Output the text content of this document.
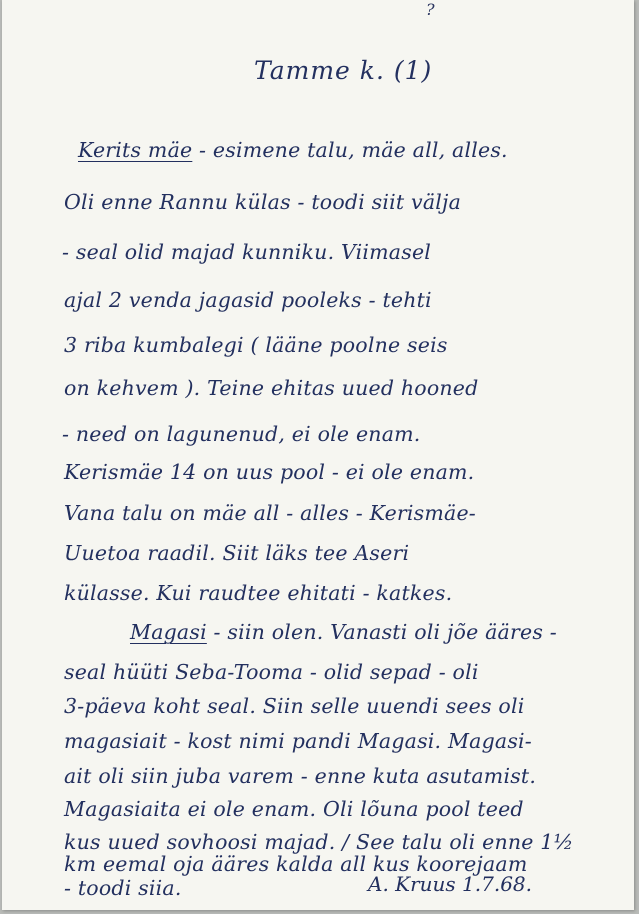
?
Tamme k. (1)
Kerits mäe - esimene talu, mäe all, alles.
Oli enne Rannu külas - toodi siit välja
- seal olid majad kunniku. Viimasel
ajal 2 venda jagasid pooleks - tehti
3 riba kumbalegi ( lääne poolne seis
on kehvem ). Teine ehitas uued hooned
- need on lagunenud, ei ole enam.
Kerismäe 14 on uus pool - ei ole enam.
Vana talu on mäe all - alles - Kerismäe-
Uuetoa raadil. Siit läks tee Aseri
külasse. Kui raudtee ehitati - katkes.
Magasi - siin olen. Vanasti oli jõe ääres -
seal hüüti Seba-Tooma - olid sepad - oli
3-päeva koht seal. Siin selle uuendi sees oli
magasiait - kost nimi pandi Magasi. Magasi-
ait oli siin juba varem - enne kuta asutamist.
Magasiaita ei ole enam. Oli lõuna pool teed
kus uued sovhoosi majad. / See talu oli enne 1½
km eemal oja ääres kalda all kus koorejaam
- toodi siia.	A. Kruus 1.7.68.
